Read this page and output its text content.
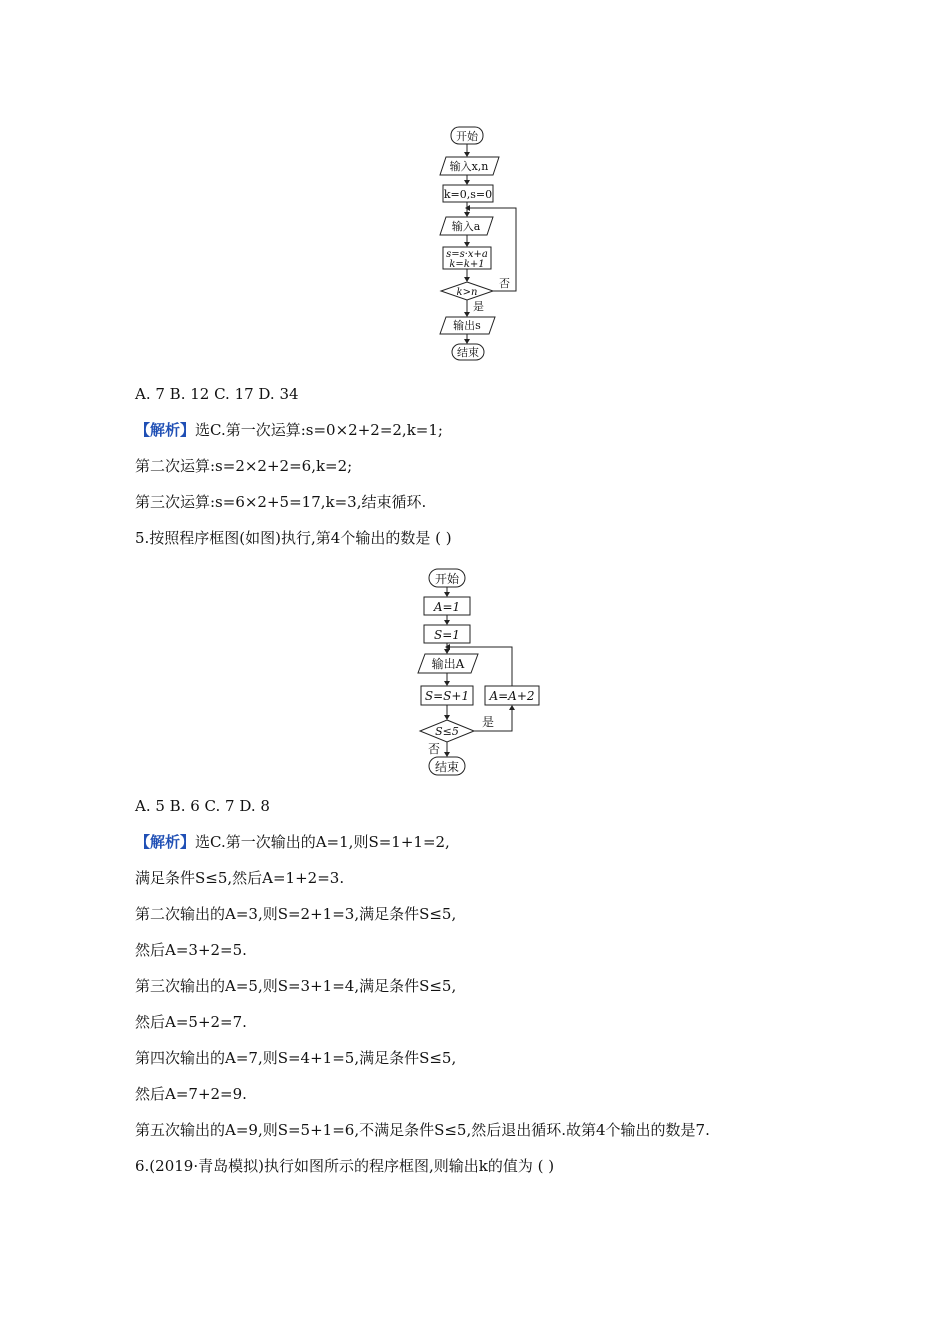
开始
输入x,n
k=0,s=0
输入a
s=s·x+a
k=k+1
k>n
否
是
输出s
结束
A. 7 B. 12 C. 17 D. 34
【解析】选C.第一次运算:s=0×2+2=2,k=1;
第二次运算:s=2×2+2=6,k=2;
第三次运算:s=6×2+5=17,k=3,结束循环.
5.按照程序框图(如图)执行,第4个输出的数是 ( )
开始
A=1
S=1
输出A
S=S+1 A=A+2
S≤5
是
否
结束
A. 5 B. 6 C. 7 D. 8
【解析】选C.第一次输出的A=1,则S=1+1=2,
满足条件S≤5,然后A=1+2=3.
第二次输出的A=3,则S=2+1=3,满足条件S≤5,
然后A=3+2=5.
第三次输出的A=5,则S=3+1=4,满足条件S≤5,
然后A=5+2=7.
第四次输出的A=7,则S=4+1=5,满足条件S≤5,
然后A=7+2=9.
第五次输出的A=9,则S=5+1=6,不满足条件S≤5,然后退出循环.故第4个输出的数是7.
6.(2019·青岛模拟)执行如图所示的程序框图,则输出k的值为 ( )
